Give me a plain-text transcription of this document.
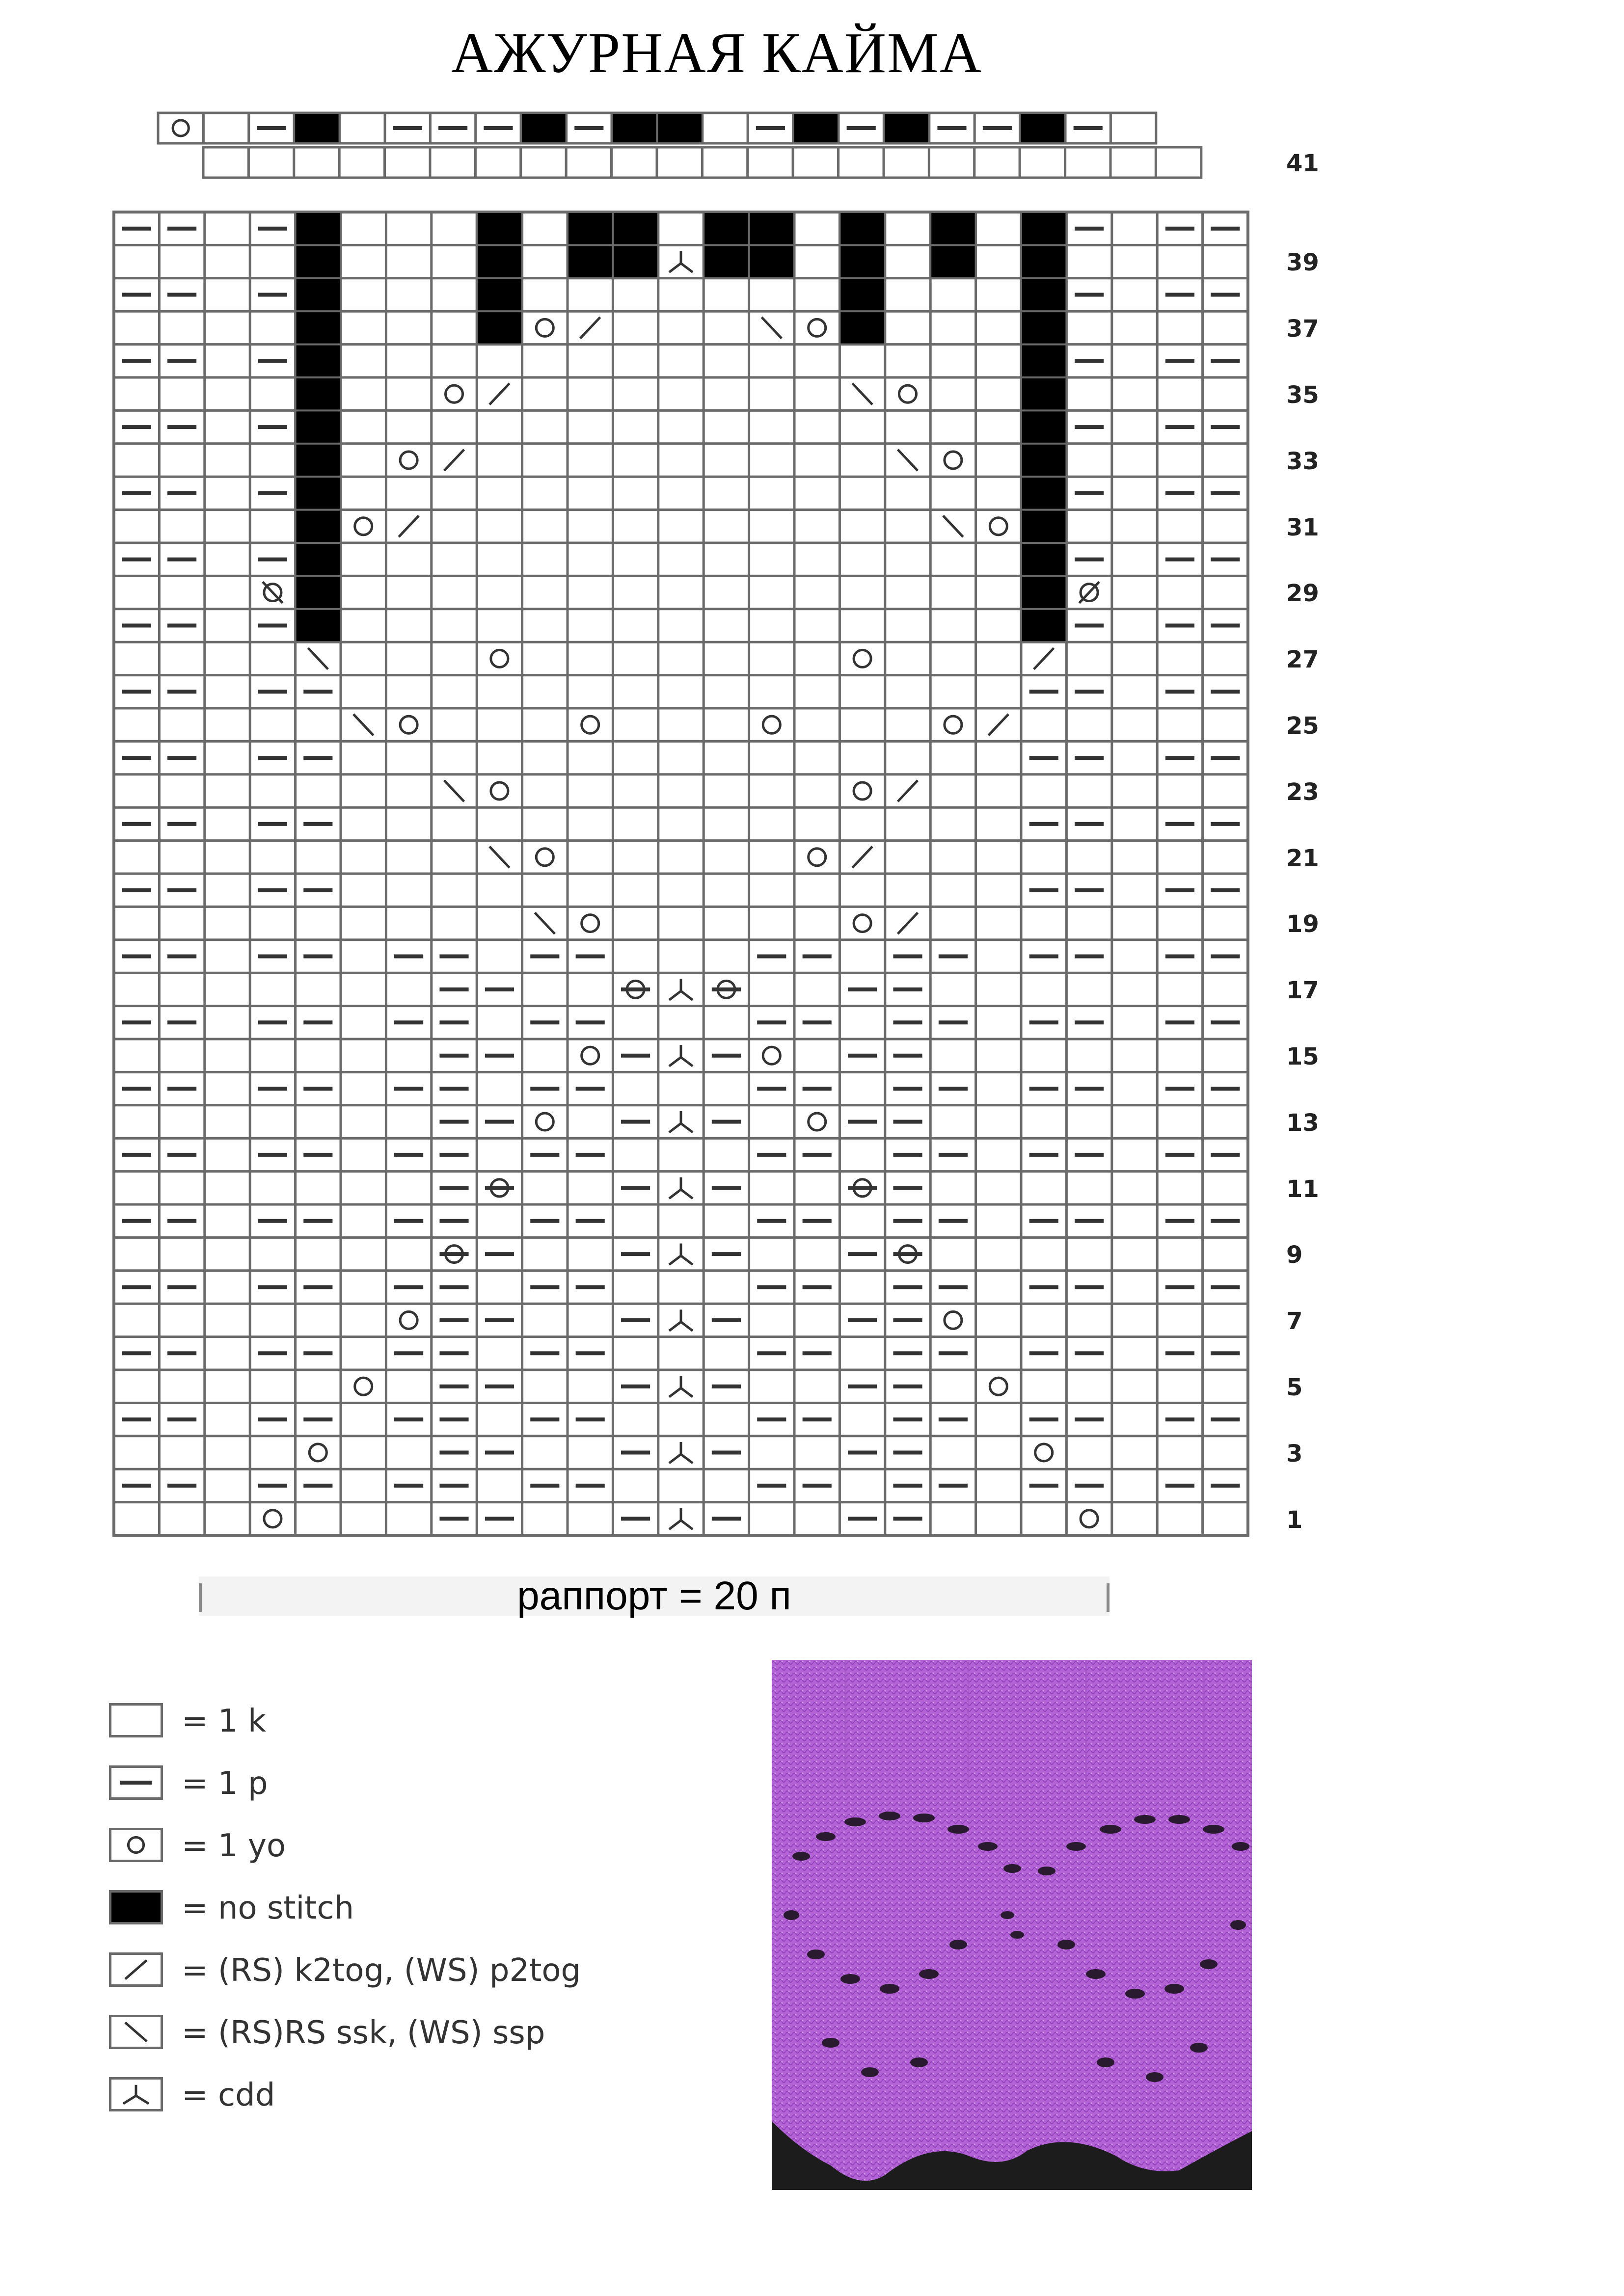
АЖУРНАЯ КАЙМА
41
39
37
35
33
31
29
27
25
23
21
19
17
15
13
11
9
7
5
3
1
раппорт = 20 п
= 1 k
= 1 p
= 1 yo
= no stitch
= (RS) k2tog, (WS) p2tog
= (RS)RS ssk, (WS) ssp
= cdd
